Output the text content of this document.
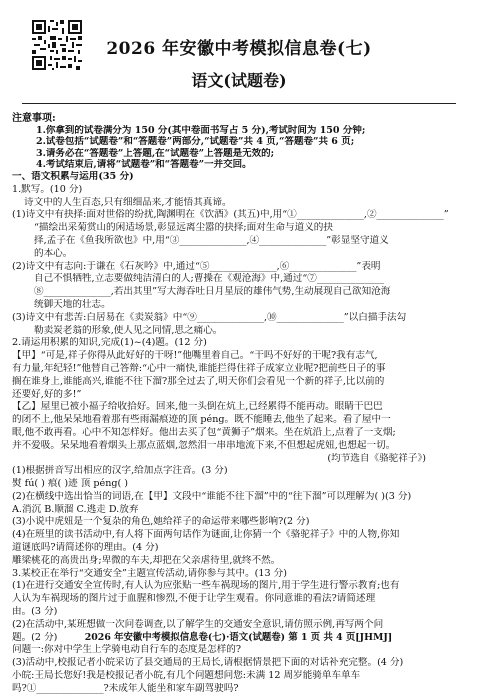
2026 年安徽中考模拟信息卷(七)
语文(试题卷)
注意事项:
1.你拿到的试卷满分为 150 分(其中卷面书写占 5 分),考试时间为 150 分钟;
2.试卷包括“试题卷”和“答题卷”两部分,“试题卷”共 4 页,“答题卷”共 6 页;
3.请务必在“答题卷”上答题,在“试题卷”上答题是无效的;
4.考试结束后,请将“试题卷”和“答题卷”一并交回。
一、语文积累与运用(35 分)
1.默写。(10 分)
诗文中的人生百态,只有细细品来,才能悟其真谛。
(1)诗文中有抉择:面对世俗的纷扰,陶渊明在《饮酒》(其五)中,用“①______________,②______________”
“描绘出采菊赏山的闲适场景,彰显远离尘嚣的抉择;面对生命与道义的抉
择,孟子在《鱼我所欲也》中,用“③______________,④______________”彰显坚守道义
的本心。
(2)诗文中有志向:于谦在《石灰吟》中,通过“⑤______________,⑥______________”表明
自己不惧牺牲,立志要做纯洁清白的人;曹操在《观沧海》中,通过“⑦______________
⑧______________,若出其里”写大海吞吐日月星辰的雄伟气势,生动展现自己欲知沧海
统御天地的壮志。
(3)诗文中有悲苦:白居易在《卖炭翁》中“⑨______________,⑩______________”以白描手法勾
勒卖炭老翁的形象,使人见之同情,思之痛心。
2.请运用积累的知识,完成(1)~(4)题。(12 分)
【甲】“可是,祥子你得从此好好的干呀!”他嘴里着自己。“干吗不好好的干呢?我有志气,
有力量,年纪轻!”他替自己答辩:“心中一痛快,谁能拦得住祥子成家立业呢?把前些日子的事
搁在谁身上,谁能高兴,谁能不往下溜?那全过去了,明天你们会看见一个新的祥子,比以前的
还要好,好的多!”
【乙】屋里已被小福子给收拾好。回来,他一头倒在炕上,已经累得不能再动。眼睛干巴巴
的闭不上,他呆呆地看着那有些雨漏痕迹的顶 péng。既不能睡去,他坐了起来。看了屋中一
眼,他不敢再看。心中不知怎样好。他出去买了包“黄狮子”烟来。坐在炕沿上,点着了一支烟;
并不爱吸。呆呆地看着烟头上那点蓝烟,忽然泪一串串地流下来,不但想起虎妞,也想起一切。
(均节选自《骆驼祥子》)
(1)根据拼音写出相应的汉字,给加点字注音。(3 分)
熨 fú( ) 痕( )迹 顶 péng( )
(2)在横线中选出恰当的词语,在【甲】文段中“谁能不往下溜”中的“往下溜”可以理解为( )(3 分)
A.消沉 B.顺溜 C.逃走 D.放弃
(3)小说中虎妞是一个复杂的角色,她给祥子的命运带来哪些影响?(2 分)
(4)在班里的读书活动中,有人将下面两句话作为谜面,让你猜一个《骆驼祥子》中的人物,你知
道谜底吗?请简述你的理由。(4 分)
雕梁桃花的高贵出身;卑微的车夫,却把在父亲虐待里,就终不然。
3.某校正在举行“交通安全”主题宣传活动,请你参与其中。(13 分)
(1)在进行交通安全宣传时,有人认为应张贴一些车祸现场的图片,用于学生进行警示教育;也有
人认为车祸现场的图片过于血腥和惨烈,不便于让学生观看。你同意谁的看法?请简述理
由。(3 分)
(2)在活动中,某班想做一次问卷调查,以了解学生的交通安全意识,请仿照示例,再写两个问
题。(2 分)
问题一:你对中学生上学骑电动自行车的态度是怎样的?
(3)活动中,校报记者小皖采访了县交通局的王局长,请根据情景把下面的对话补充完整。(4 分)
小皖:王局长您好!我是校报记者小皖,有几个问题想问您:未满 12 周岁能骑单车单车
吗?①______________?未成年人能坐和家车副驾驶吗?
2026 年安徽中考模拟信息卷(七)·语文(试题卷) 第 1 页 共 4 页[JHMJ]
